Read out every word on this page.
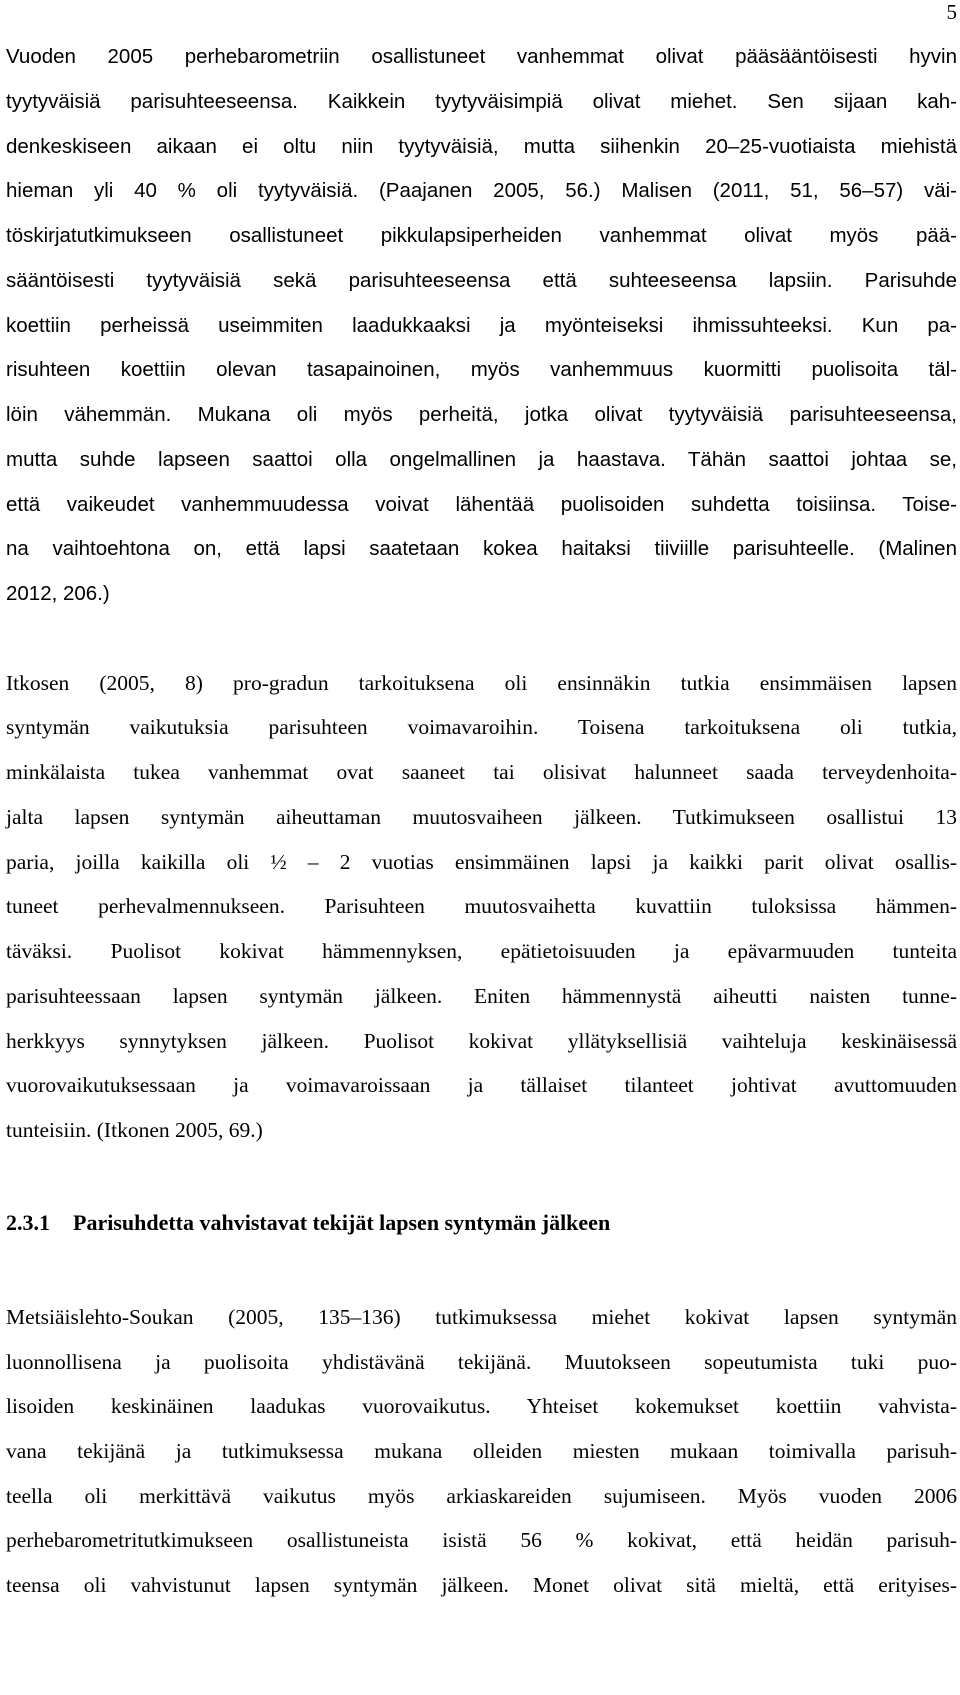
5
Vuoden 2005 perhebarometriin osallistuneet vanhemmat olivat pääsääntöisesti hyvin
tyytyväisiä parisuhteeseensa. Kaikkein tyytyväisimpiä olivat miehet. Sen sijaan kah-
denkeskiseen aikaan ei oltu niin tyytyväisiä, mutta siihenkin 20–25-vuotiaista miehistä
hieman yli 40 % oli tyytyväisiä. (Paajanen 2005, 56.) Malisen (2011, 51, 56–57) väi-
töskirjatutkimukseen osallistuneet pikkulapsiperheiden vanhemmat olivat myös pää-
sääntöisesti tyytyväisiä sekä parisuhteeseensa että suhteeseensa lapsiin. Parisuhde
koettiin perheissä useimmiten laadukkaaksi ja myönteiseksi ihmissuhteeksi. Kun pa-
risuhteen koettiin olevan tasapainoinen, myös vanhemmuus kuormitti puolisoita täl-
löin vähemmän. Mukana oli myös perheitä, jotka olivat tyytyväisiä parisuhteeseensa,
mutta suhde lapseen saattoi olla ongelmallinen ja haastava. Tähän saattoi johtaa se,
että vaikeudet vanhemmuudessa voivat lähentää puolisoiden suhdetta toisiinsa. Toise-
na vaihtoehtona on, että lapsi saatetaan kokea haitaksi tiiviille parisuhteelle. (Malinen
2012, 206.)
Itkosen (2005, 8) pro-gradun tarkoituksena oli ensinnäkin tutkia ensimmäisen lapsen
syntymän vaikutuksia parisuhteen voimavaroihin. Toisena tarkoituksena oli tutkia,
minkälaista tukea vanhemmat ovat saaneet tai olisivat halunneet saada terveydenhoita-
jalta lapsen syntymän aiheuttaman muutosvaiheen jälkeen. Tutkimukseen osallistui 13
paria, joilla kaikilla oli ½ – 2 vuotias ensimmäinen lapsi ja kaikki parit olivat osallis-
tuneet perhevalmennukseen. Parisuhteen muutosvaihetta kuvattiin tuloksissa hämmen-
täväksi. Puolisot kokivat hämmennyksen, epätietoisuuden ja epävarmuuden tunteita
parisuhteessaan lapsen syntymän jälkeen. Eniten hämmennystä aiheutti naisten tunne-
herkkyys synnytyksen jälkeen. Puolisot kokivat yllätyksellisiä vaihteluja keskinäisessä
vuorovaikutuksessaan ja voimavaroissaan ja tällaiset tilanteet johtivat avuttomuuden
tunteisiin. (Itkonen 2005, 69.)
2.3.1 Parisuhdetta vahvistavat tekijät lapsen syntymän jälkeen
Metsiäislehto-Soukan (2005, 135–136) tutkimuksessa miehet kokivat lapsen syntymän
luonnollisena ja puolisoita yhdistävänä tekijänä. Muutokseen sopeutumista tuki puo-
lisoiden keskinäinen laadukas vuorovaikutus. Yhteiset kokemukset koettiin vahvista-
vana tekijänä ja tutkimuksessa mukana olleiden miesten mukaan toimivalla parisuh-
teella oli merkittävä vaikutus myös arkiaskareiden sujumiseen. Myös vuoden 2006
perhebarometritutkimukseen osallistuneista isistä 56 % kokivat, että heidän parisuh-
teensa oli vahvistunut lapsen syntymän jälkeen. Monet olivat sitä mieltä, että erityises-
